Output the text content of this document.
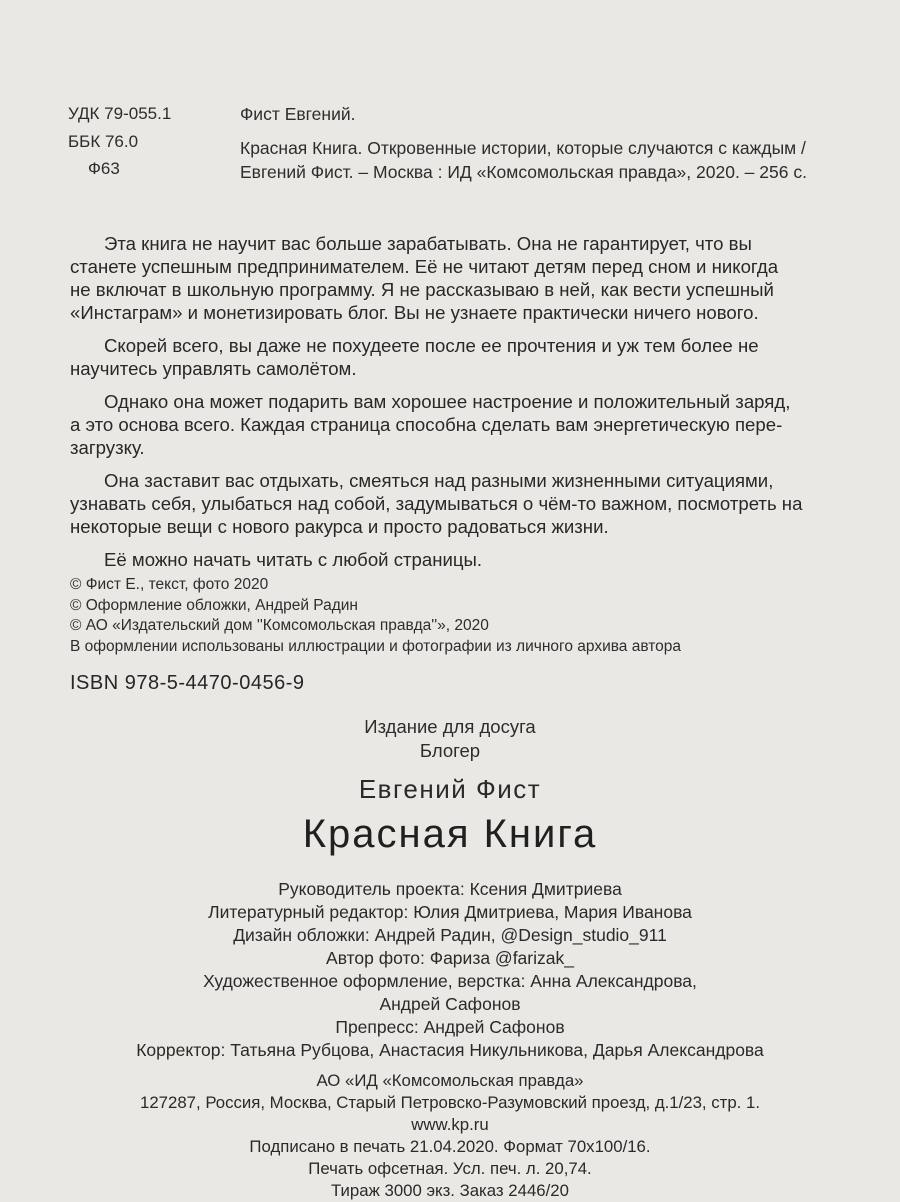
УДК 79-055.1
ББК 76.0
Ф63
Фист Евгений.
Красная Книга. Откровенные истории, которые случаются с каждым /
Евгений Фист. – Москва : ИД «Комсомольская правда», 2020. – 256 с.

Эта книга не научит вас больше зарабатывать. Она не гарантирует, что вы
станете успешным предпринимателем. Её не читают детям перед сном и никогда
не включат в школьную программу. Я не рассказываю в ней, как вести успешный
«Инстаграм» и монетизировать блог. Вы не узнаете практически ничего нового.

Скорей всего, вы даже не похудеете после ее прочтения и уж тем более не
научитесь управлять самолётом.

Однако она может подарить вам хорошее настроение и положительный заряд,
а это основа всего. Каждая страница способна сделать вам энергетическую пере-
загрузку.

Она заставит вас отдыхать, смеяться над разными жизненными ситуациями,
узнавать себя, улыбаться над собой, задумываться о чём-то важном, посмотреть на
некоторые вещи с нового ракурса и просто радоваться жизни.

Её можно начать читать с любой страницы.

© Фист Е., текст, фото 2020
© Оформление обложки, Андрей Радин
© АО «Издательский дом ''Комсомольская правда''», 2020
В оформлении использованы иллюстрации и фотографии из личного архива автора
ISBN 978-5-4470-0456-9
Издание для досуга
Блогер
Евгений Фист
Красная Книга
Руководитель проекта: Ксения Дмитриева
Литературный редактор: Юлия Дмитриева, Мария Иванова
Дизайн обложки: Андрей Радин, @Design_studio_911
Автор фото: Фариза @farizak_
Художественное оформление, верстка: Анна Александрова,
Андрей Сафонов
Препресс: Андрей Сафонов
Корректор: Татьяна Рубцова, Анастасия Никульникова, Дарья Александрова
АО «ИД «Комсомольская правда»
127287, Россия, Москва, Старый Петровско-Разумовский проезд, д.1/23, стр. 1.
www.kp.ru
Подписано в печать 21.04.2020. Формат 70х100/16.
Печать офсетная. Усл. печ. л. 20,74.
Тираж 3000 экз. Заказ 2446/20
